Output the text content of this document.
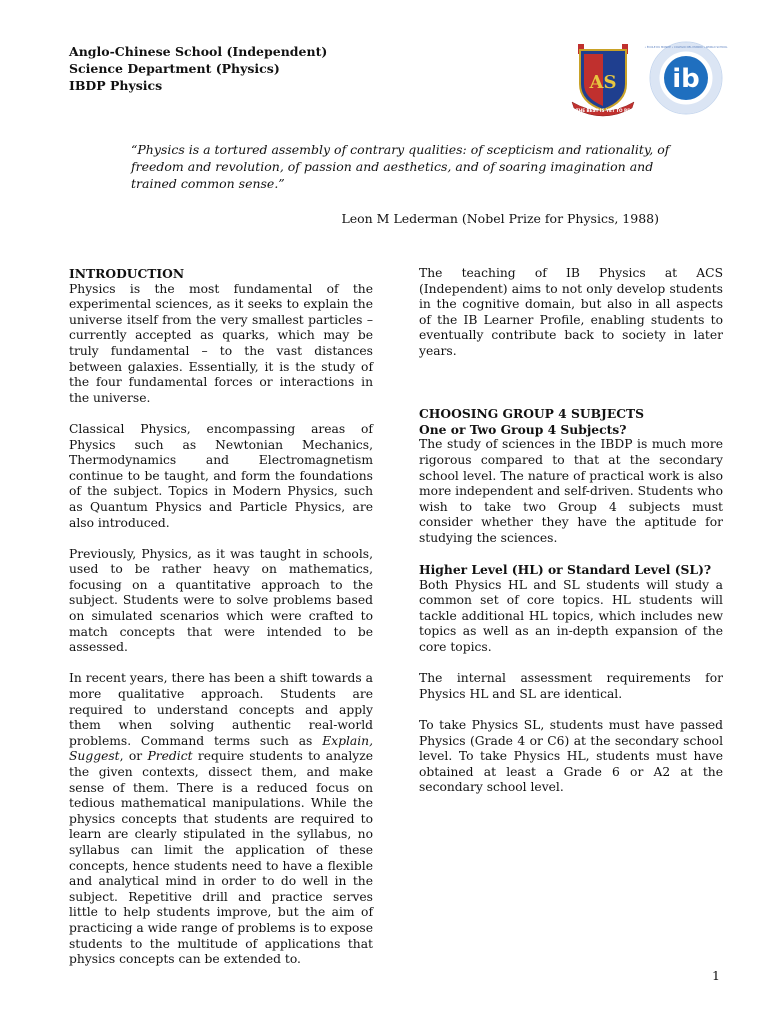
Anglo-Chinese School (Independent)
Science Department (Physics)
IBDP Physics	AS
THE BEST IS YET TO BE
• ÉCOLE DU MONDE • COLEGIO DEL MUNDO • WORLD SCHOOL
ib
“Physics is a tortured assembly of contrary qualities: of scepticism and rationality, of freedom and revolution, of passion and aesthetics, and of soaring imagination and trained common sense.”
Leon M Lederman (Nobel Prize for Physics, 1988)
INTRODUCTION

Physics is the most fundamental of the experimental sciences, as it seeks to explain the universe itself from the very smallest particles – currently accepted as quarks, which may be truly fundamental – to the vast distances between galaxies. Essentially, it is the study of the four fundamental forces or interactions in the universe.

Classical Physics, encompassing areas of Physics such as Newtonian Mechanics, Thermodynamics and Electromagnetism continue to be taught, and form the foundations of the subject. Topics in Modern Physics, such as Quantum Physics and Particle Physics, are also introduced.

Previously, Physics, as it was taught in schools, used to be rather heavy on mathematics, focusing on a quantitative approach to the subject. Students were to solve problems based on simulated scenarios which were crafted to match concepts that were intended to be assessed.

In recent years, there has been a shift towards a more qualitative approach. Students are required to understand concepts and apply them when solving authentic real-world problems. Command terms such as Explain, Suggest, or Predict require students to analyze the given contexts, dissect them, and make sense of them. There is a reduced focus on tedious mathematical manipulations. While the physics concepts that students are required to learn are clearly stipulated in the syllabus, no syllabus can limit the application of these concepts, hence students need to have a flexible and analytical mind in order to do well in the subject. Repetitive drill and practice serves little to help students improve, but the aim of practicing a wide range of problems is to expose students to the multitude of applications that physics concepts can be extended to.

The teaching of IB Physics at ACS (Independent) aims to not only develop students in the cognitive domain, but also in all aspects of the IB Learner Profile, enabling students to eventually contribute back to society in later years.

CHOOSING GROUP 4 SUBJECTS
One or Two Group 4 Subjects?

The study of sciences in the IBDP is much more rigorous compared to that at the secondary school level. The nature of practical work is also more independent and self-driven. Students who wish to take two Group 4 subjects must consider whether they have the aptitude for studying the sciences.

Higher Level (HL) or Standard Level (SL)?

Both Physics HL and SL students will study a common set of core topics. HL students will tackle additional HL topics, which includes new topics as well as an in-depth expansion of the core topics.

The internal assessment requirements for Physics HL and SL are identical.

To take Physics SL, students must have passed Physics (Grade 4 or C6) at the secondary school level. To take Physics HL, students must have obtained at least a Grade 6 or A2 at the secondary school level.

1
